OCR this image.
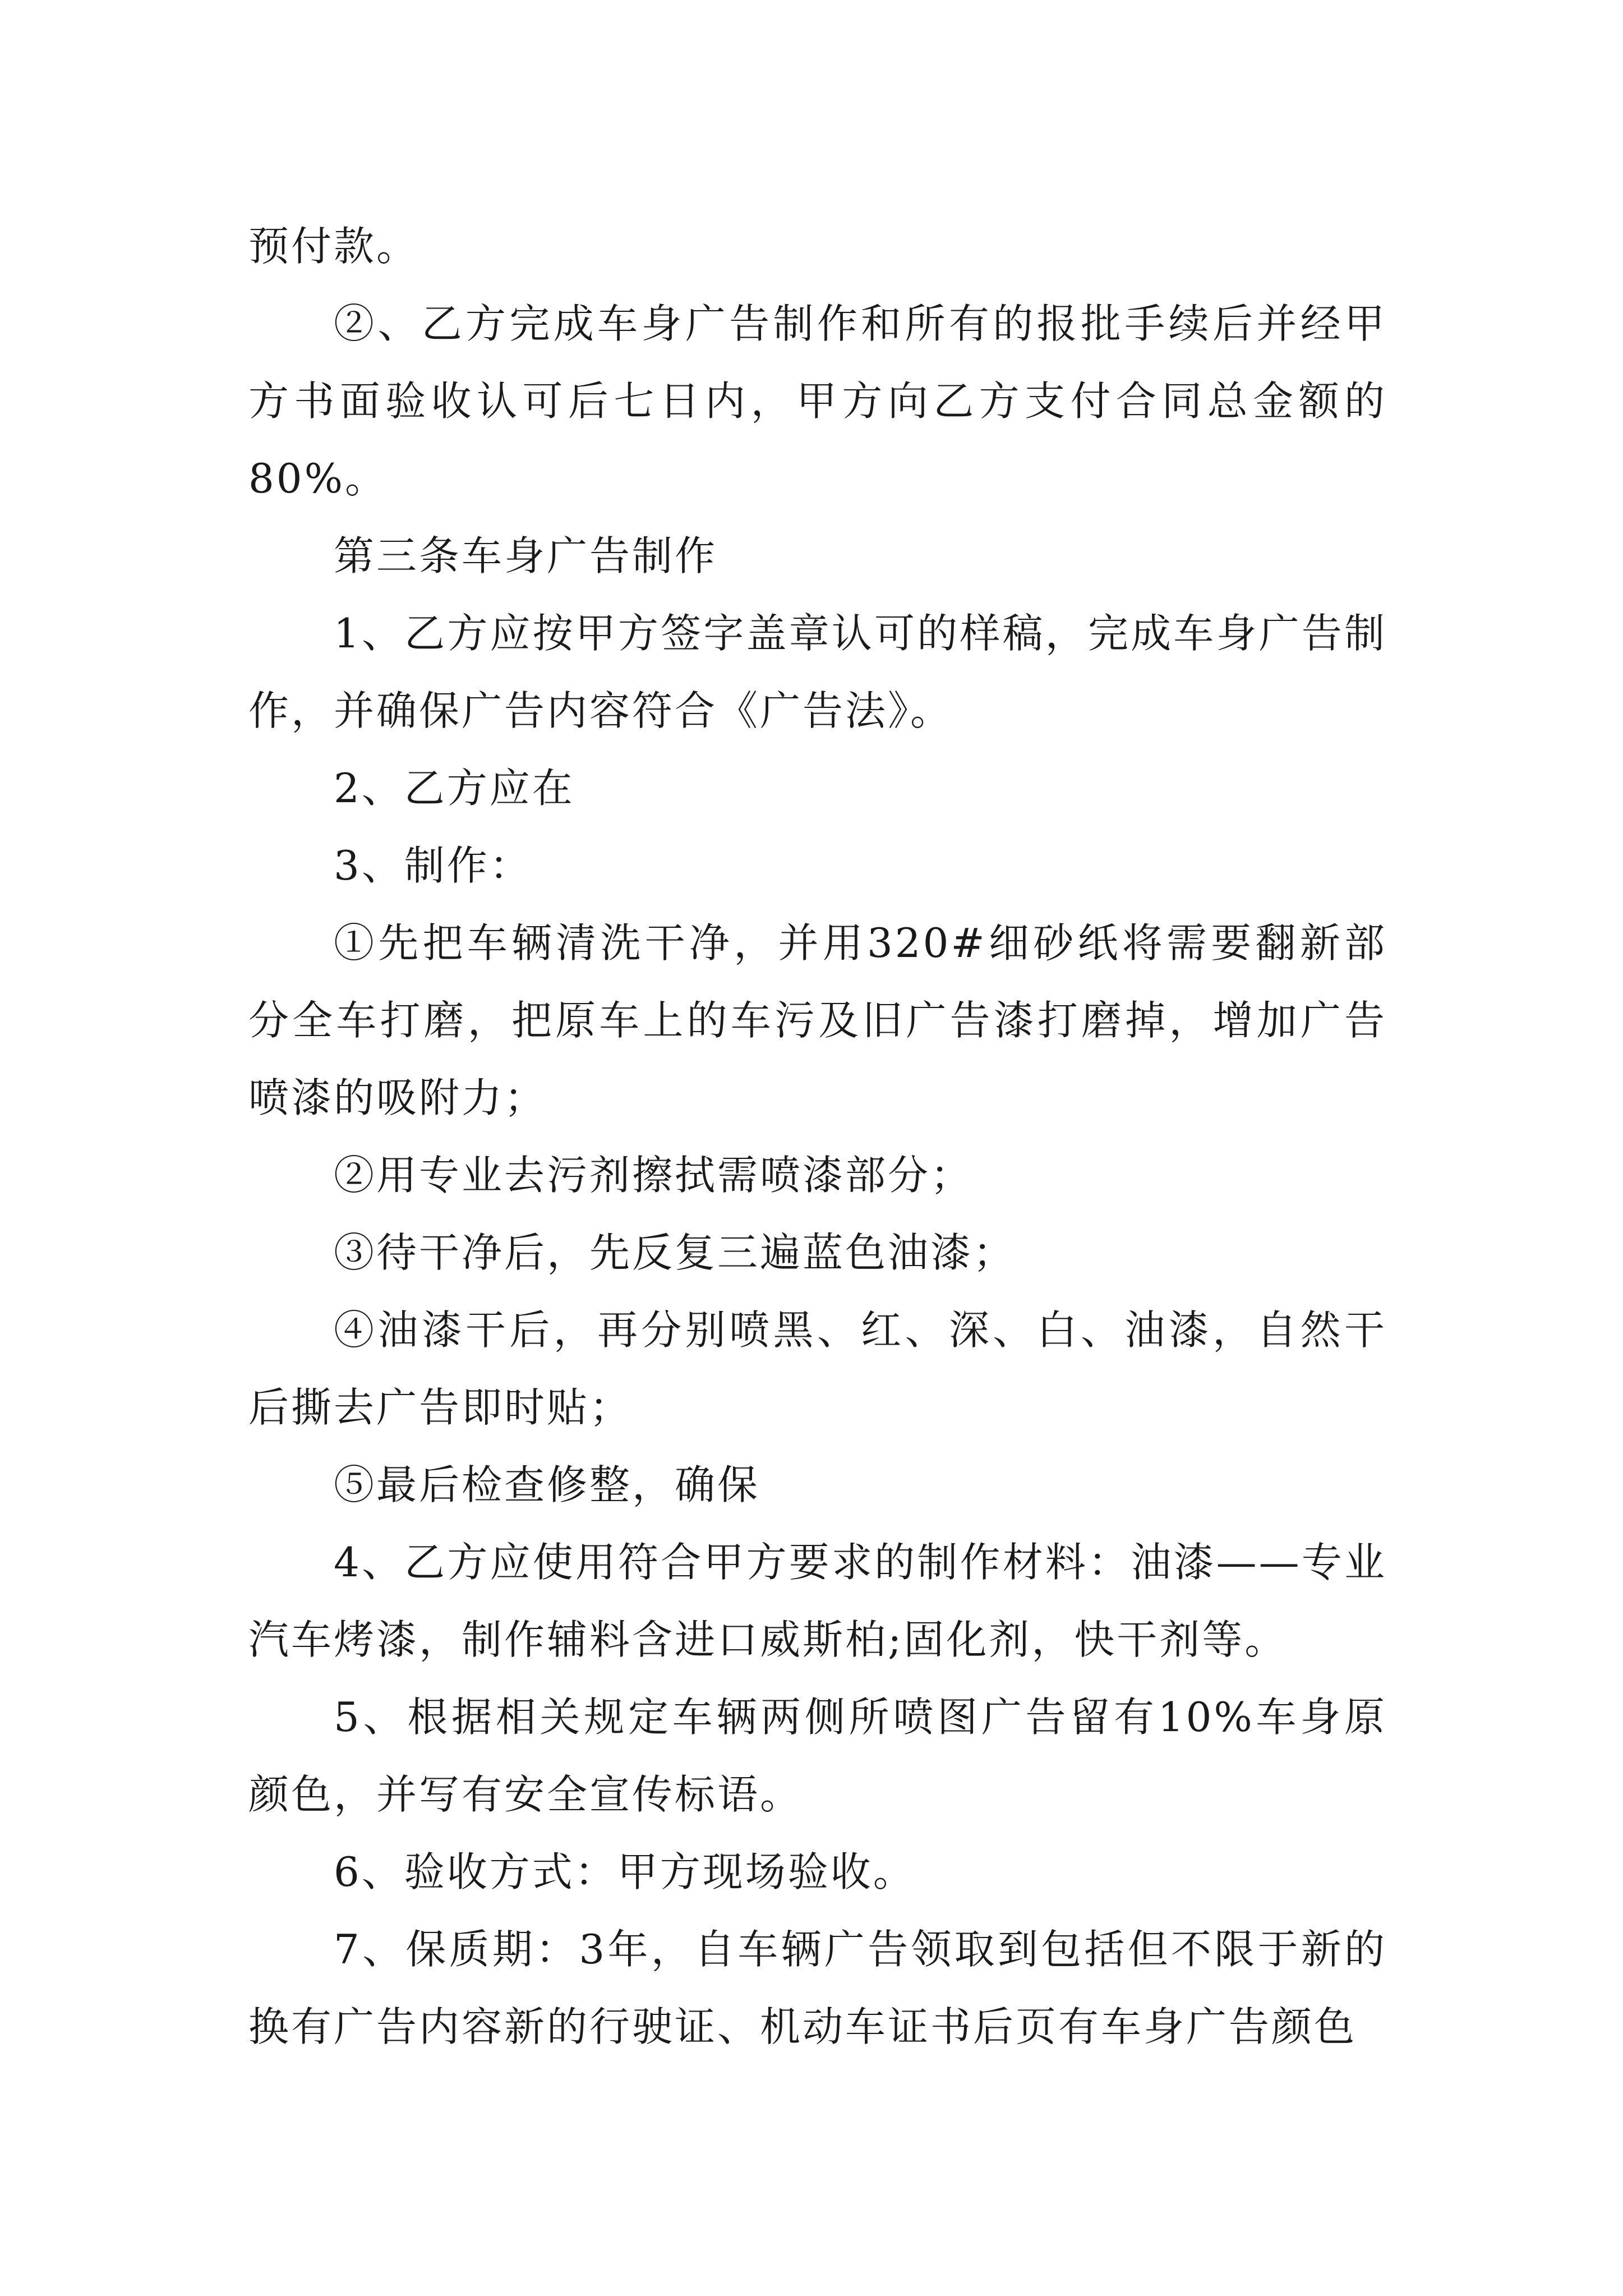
预付款。

②、乙方完成车身广告制作和所有的报批手续后并经甲方书面验收认可后七日内，甲方向乙方支付合同总金额的80%。

第三条车身广告制作

1、乙方应按甲方签字盖章认可的样稿，完成车身广告制作，并确保广告内容符合《广告法》。

2、乙方应在

3、制作：

①先把车辆清洗干净，并用320#细砂纸将需要翻新部分全车打磨，把原车上的车污及旧广告漆打磨掉，增加广告喷漆的吸附力；

②用专业去污剂擦拭需喷漆部分；

③待干净后，先反复三遍蓝色油漆；

④油漆干后，再分别喷黑、红、深、白、油漆，自然干后撕去广告即时贴；

⑤最后检查修整，确保

4、乙方应使用符合甲方要求的制作材料：油漆——专业汽车烤漆，制作辅料含进口威斯柏;固化剂，快干剂等。

5、根据相关规定车辆两侧所喷图广告留有10%车身原颜色，并写有安全宣传标语。

6、验收方式：甲方现场验收。

7、保质期：3年，自车辆广告领取到包括但不限于新的换有广告内容新的行驶证、机动车证书后页有车身广告颜色
